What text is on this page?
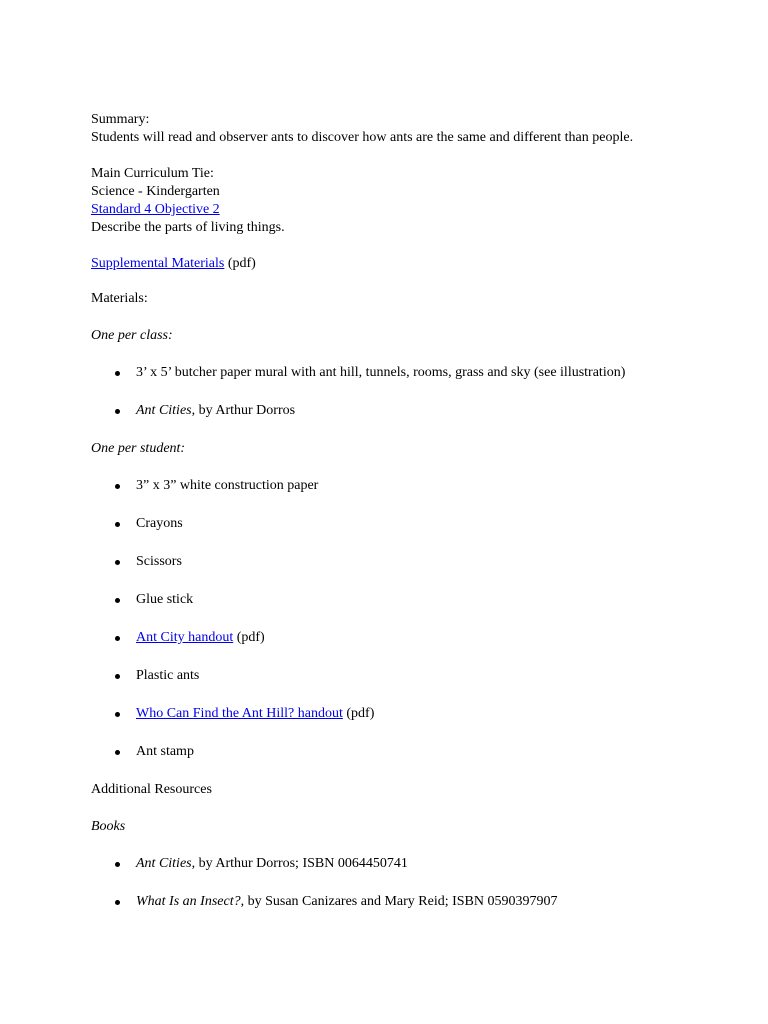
Summary:

Students will read and observer ants to discover how ants are the same and different than people.

Main Curriculum Tie:

Science - Kindergarten

Standard 4 Objective 2

Describe the parts of living things.

Supplemental Materials (pdf)

Materials:

One per class:

3’ x 5’ butcher paper mural with ant hill, tunnels, rooms, grass and sky (see illustration)
Ant Cities, by Arthur Dorros

One per student:

3” x 3” white construction paper
Crayons
Scissors
Glue stick
Ant City handout (pdf)
Plastic ants
Who Can Find the Ant Hill? handout (pdf)
Ant stamp

Additional Resources

Books

Ant Cities, by Arthur Dorros; ISBN 0064450741
What Is an Insect?, by Susan Canizares and Mary Reid; ISBN 0590397907
